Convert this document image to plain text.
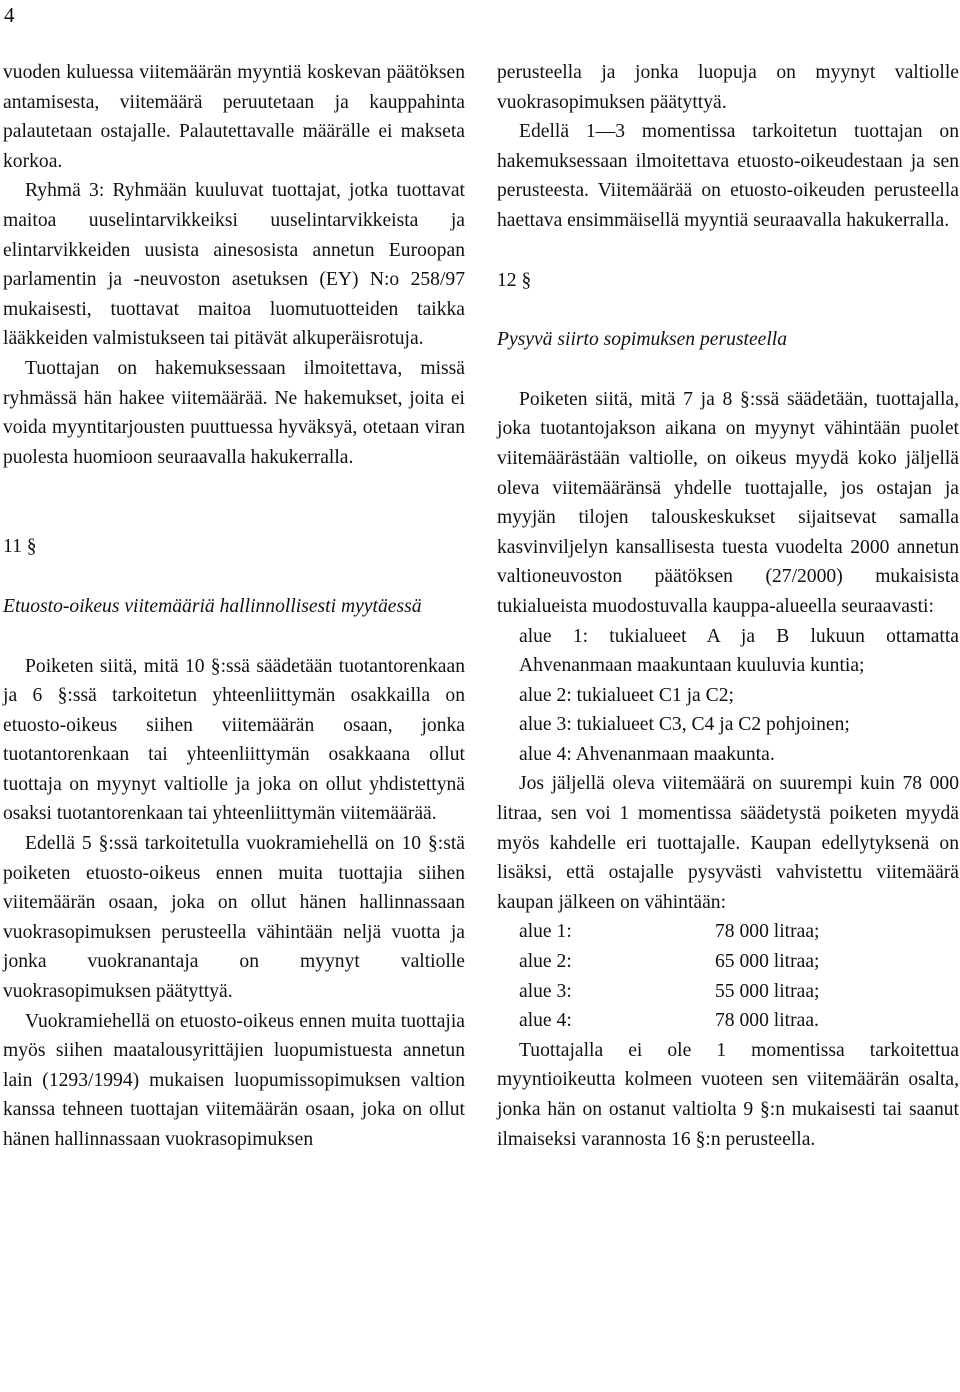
4

vuoden kuluessa viitemäärän myyntiä koskevan päätöksen antamisesta, viitemäärä peruutetaan ja kauppahinta palautetaan ostajalle. Palautettavalle määrälle ei makseta korkoa.

Ryhmä 3: Ryhmään kuuluvat tuottajat, jotka tuottavat maitoa uuselintarvikkeiksi uuselintarvikkeista ja elintarvikkeiden uusista ainesosista annetun Euroopan parlamentin ja -neuvoston asetuksen (EY) N:o 258/97 mukaisesti, tuottavat maitoa luomutuotteiden taikka lääkkeiden valmistukseen tai pitävät alkuperäisrotuja.

Tuottajan on hakemuksessaan ilmoitettava, missä ryhmässä hän hakee viitemäärää. Ne hakemukset, joita ei voida myyntitarjousten puuttuessa hyväksyä, otetaan viran puolesta huomioon seuraavalla hakukerralla.

11 §

Etuosto-oikeus viitemääriä hallinnollisesti myytäessä

Poiketen siitä, mitä 10 §:ssä säädetään tuotantorenkaan ja 6 §:ssä tarkoitetun yhteenliittymän osakkailla on etuosto-oikeus siihen viitemäärän osaan, jonka tuotantorenkaan tai yhteenliittymän osakkaana ollut tuottaja on myynyt valtiolle ja joka on ollut yhdistettynä osaksi tuotantorenkaan tai yhteenliittymän viitemäärää.

Edellä 5 §:ssä tarkoitetulla vuokramiehellä on 10 §:stä poiketen etuosto-oikeus ennen muita tuottajia siihen viitemäärän osaan, joka on ollut hänen hallinnassaan vuokrasopimuksen perusteella vähintään neljä vuotta ja jonka vuokranantaja on myynyt valtiolle vuokrasopimuksen päätyttyä.

Vuokramiehellä on etuosto-oikeus ennen muita tuottajia myös siihen maatalousyrittäjien luopumistuesta annetun lain (1293/1994) mukaisen luopumissopimuksen valtion kanssa tehneen tuottajan viitemäärän osaan, joka on ollut hänen hallinnassaan vuokrasopimuksen

perusteella ja jonka luopuja on myynyt valtiolle vuokrasopimuksen päätyttyä.

Edellä 1—3 momentissa tarkoitetun tuottajan on hakemuksessaan ilmoitettava etuosto-oikeudestaan ja sen perusteesta. Viitemäärää on etuosto-oikeuden perusteella haettava ensimmäisellä myyntiä seuraavalla hakukerralla.

12 §

Pysyvä siirto sopimuksen perusteella

Poiketen siitä, mitä 7 ja 8 §:ssä säädetään, tuottajalla, joka tuotantojakson aikana on myynyt vähintään puolet viitemäärästään valtiolle, on oikeus myydä koko jäljellä oleva viitemääränsä yhdelle tuottajalle, jos ostajan ja myyjän tilojen talouskeskukset sijaitsevat samalla kasvinviljelyn kansallisesta tuesta vuodelta 2000 annetun valtioneuvoston päätöksen (27/2000) mukaisista tukialueista muodostuvalla kauppa-alueella seuraavasti:

alue 1: tukialueet A ja B lukuun ottamatta Ahvenanmaan maakuntaan kuuluvia kuntia;

alue 2: tukialueet C1 ja C2;

alue 3: tukialueet C3, C4 ja C2 pohjoinen;

alue 4: Ahvenanmaan maakunta.

Jos jäljellä oleva viitemäärä on suurempi kuin 78 000 litraa, sen voi 1 momentissa säädetystä poiketen myydä myös kahdelle eri tuottajalle. Kaupan edellytyksenä on lisäksi, että ostajalle pysyvästi vahvistettu viitemäärä kaupan jälkeen on vähintään:

alue 1:	78 000 litraa;
alue 2:	65 000 litraa;
alue 3:	55 000 litraa;
alue 4:	78 000 litraa.

Tuottajalla ei ole 1 momentissa tarkoitettua myyntioikeutta kolmeen vuoteen sen viitemäärän osalta, jonka hän on ostanut valtiolta 9 §:n mukaisesti tai saanut ilmaiseksi varannosta 16 §:n perusteella.
